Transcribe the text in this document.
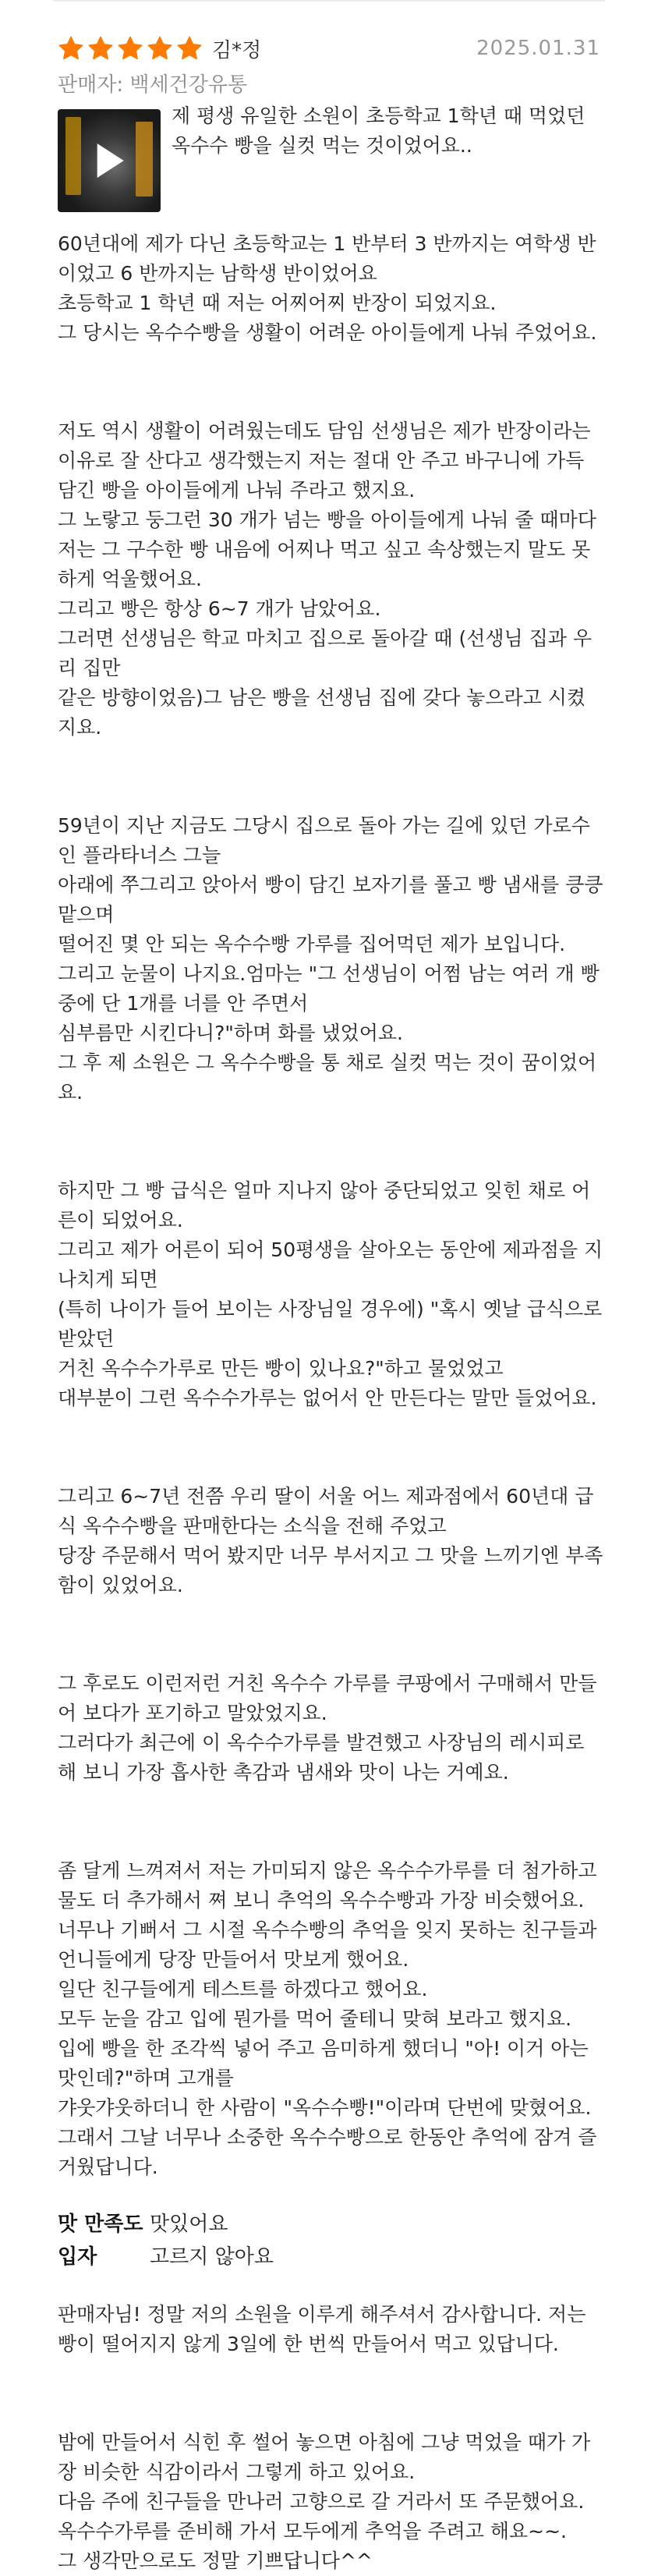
김*정	2025.01.31
판매자: 백세건강유통

제 평생 유일한 소원이 초등학교 1학년 때 먹었던 옥수수 빵을 실컷 먹는 것이었어요..

60년대에 제가 다닌 초등학교는 1 반부터 3 반까지는 여학생 반이었고 6 반까지는 남학생 반이었어요

초등학교 1 학년 때 저는 어찌어찌 반장이 되었지요.

그 당시는 옥수수빵을 생활이 어려운 아이들에게 나눠 주었어요.

저도 역시 생활이 어려웠는데도 담임 선생님은 제가 반장이라는 이유로 잘 산다고 생각했는지 저는 절대 안 주고 바구니에 가득 담긴 빵을 아이들에게 나눠 주라고 했지요.

그 노랗고 둥그런 30 개가 넘는 빵을 아이들에게 나눠 줄 때마다 저는 그 구수한 빵 내음에 어찌나 먹고 싶고 속상했는지 말도 못하게 억울했어요.

그리고 빵은 항상 6~7 개가 남았어요.

그러면 선생님은 학교 마치고 집으로 돌아갈 때 (선생님 집과 우리 집만

같은 방향이었음)그 남은 빵을 선생님 집에 갖다 놓으라고 시켰지요.

59년이 지난 지금도 그당시 집으로 돌아 가는 길에 있던 가로수인 플라타너스 그늘

아래에 쭈그리고 앉아서 빵이 담긴 보자기를 풀고 빵 냄새를 킁킁 맡으며

떨어진 몇 안 되는 옥수수빵 가루를 집어먹던 제가 보입니다.

그리고 눈물이 나지요.엄마는 "그 선생님이 어쩜 남는 여러 개 빵중에 단 1개를 너를 안 주면서

심부름만 시킨다니?"하며 화를 냈었어요.

그 후 제 소원은 그 옥수수빵을 통 채로 실컷 먹는 것이 꿈이었어요.

하지만 그 빵 급식은 얼마 지나지 않아 중단되었고 잊힌 채로 어른이 되었어요.

그리고 제가 어른이 되어 50평생을 살아오는 동안에 제과점을 지나치게 되면

(특히 나이가 들어 보이는 사장님일 경우에) "혹시 옛날 급식으로 받았던

거친 옥수수가루로 만든 빵이 있나요?"하고 물었었고

대부분이 그런 옥수수가루는 없어서 안 만든다는 말만 들었어요.

그리고 6~7년 전쯤 우리 딸이 서울 어느 제과점에서 60년대 급식 옥수수빵을 판매한다는 소식을 전해 주었고

당장 주문해서 먹어 봤지만 너무 부서지고 그 맛을 느끼기엔 부족함이 있었어요.

그 후로도 이런저런 거친 옥수수 가루를 쿠팡에서 구매해서 만들어 보다가 포기하고 말았었지요.

그러다가 최근에 이 옥수수가루를 발견했고 사장님의 레시피로 해 보니 가장 흡사한 촉감과 냄새와 맛이 나는 거예요.

좀 달게 느껴져서 저는 가미되지 않은 옥수수가루를 더 첨가하고 물도 더 추가해서 쪄 보니 추억의 옥수수빵과 가장 비슷했어요.

너무나 기뻐서 그 시절 옥수수빵의 추억을 잊지 못하는 친구들과 언니들에게 당장 만들어서 맛보게 했어요.

일단 친구들에게 테스트를 하겠다고 했어요.

모두 눈을 감고 입에 뭔가를 먹어 줄테니 맞혀 보라고 했지요.

입에 빵을 한 조각씩 넣어 주고 음미하게 했더니 "아! 이거 아는 맛인데?"하며 고개를

갸웃갸웃하더니 한 사람이 "옥수수빵!"이라며 단번에 맞혔어요.

그래서 그날 너무나 소중한 옥수수빵으로 한동안 추억에 잠겨 즐거웠답니다.

판매자님! 정말 저의 소원을 이루게 해주셔서 감사합니다. 저는 빵이 떨어지지 않게 3일에 한 번씩 만들어서 먹고 있답니다.

밤에 만들어서 식힌 후 썰어 놓으면 아침에 그냥 먹었을 때가 가장 비슷한 식감이라서 그렇게 하고 있어요.

다음 주에 친구들을 만나러 고향으로 갈 거라서 또 주문했어요.

옥수수가루를 준비해 가서 모두에게 추억을 주려고 해요~~.

그 생각만으로도 정말 기쁘답니다^^

맛 만족도 맛있어요
입자	고르지 않아요
